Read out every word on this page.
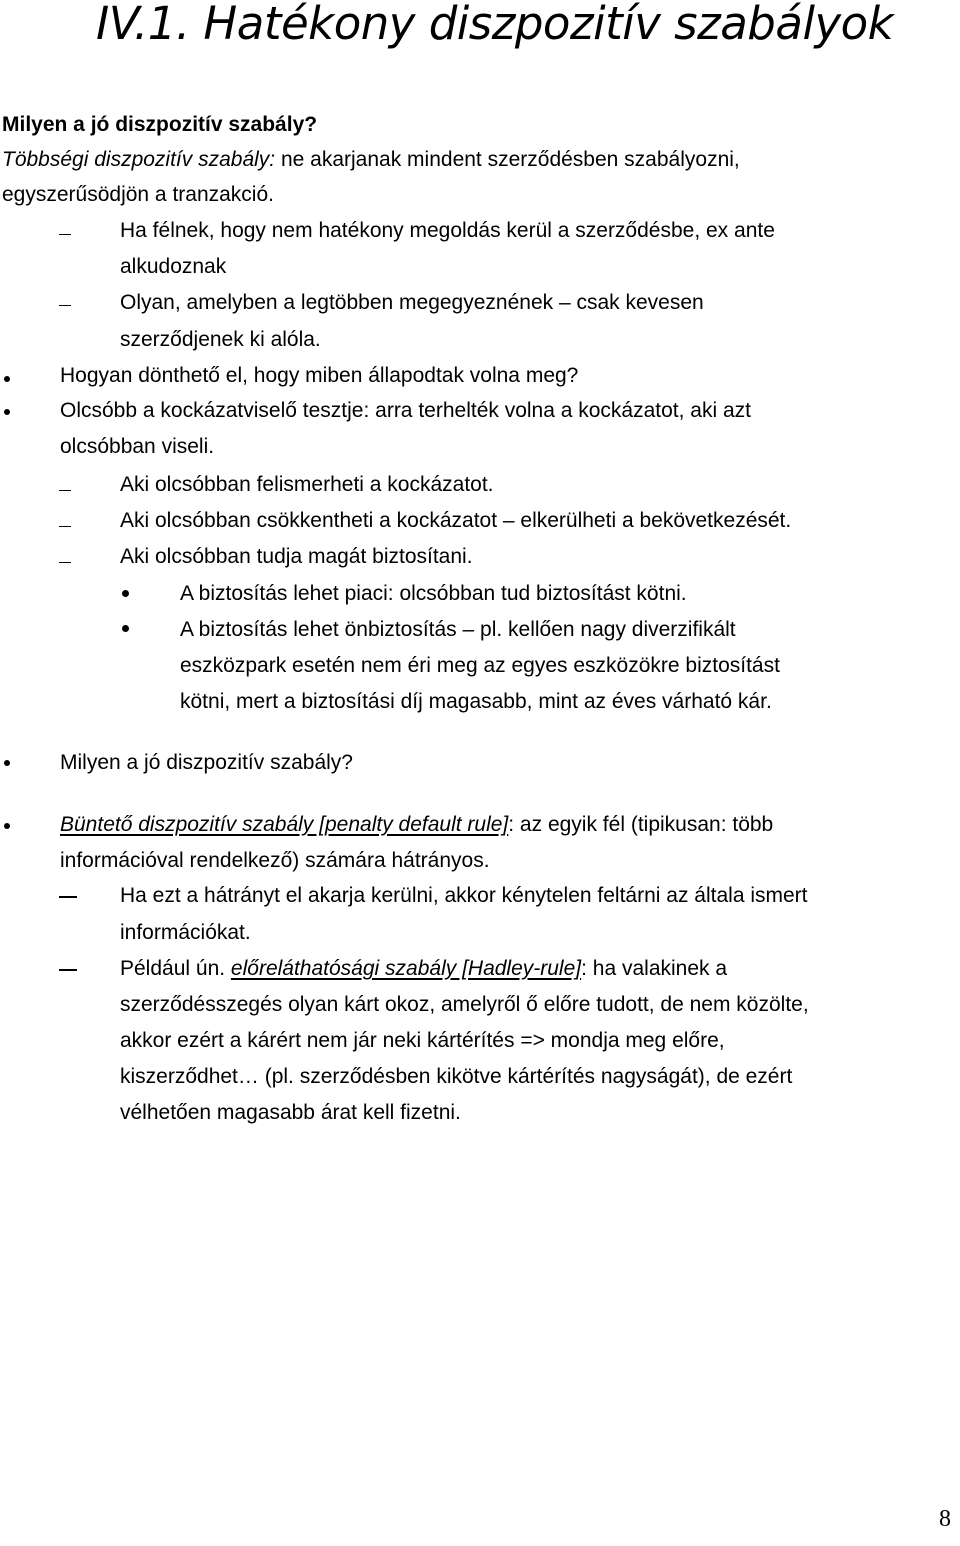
IV.1. Hatékony diszpozitív szabályok

Milyen a jó diszpozitív szabály?

Többségi diszpozitív szabály: ne akarjanak mindent szerződésben szabályozni,

egyszerűsödjön a tranzakció.

Ha félnek, hogy nem hatékony megoldás kerül a szerződésbe, ex ante

alkudoznak

Olyan, amelyben a legtöbben megegyeznének – csak kevesen

szerződjenek ki alóla.

Hogyan dönthető el, hogy miben állapodtak volna meg?

Olcsóbb a kockázatviselő tesztje: arra terhelték volna a kockázatot, aki azt

olcsóbban viseli.

Aki olcsóbban felismerheti a kockázatot.

Aki olcsóbban csökkentheti a kockázatot – elkerülheti a bekövetkezését.

Aki olcsóbban tudja magát biztosítani.

A biztosítás lehet piaci: olcsóbban tud biztosítást kötni.

A biztosítás lehet önbiztosítás – pl. kellően nagy diverzifikált

eszközpark esetén nem éri meg az egyes eszközökre biztosítást

kötni, mert a biztosítási díj magasabb, mint az éves várható kár.

Milyen a jó diszpozitív szabály?

Büntető diszpozitív szabály [penalty default rule]: az egyik fél (tipikusan: több

információval rendelkező) számára hátrányos.

Ha ezt a hátrányt el akarja kerülni, akkor kénytelen feltárni az általa ismert

információkat.

Például ún. előreláthatósági szabály [Hadley-rule]: ha valakinek a

szerződésszegés olyan kárt okoz, amelyről ő előre tudott, de nem közölte,

akkor ezért a kárért nem jár neki kártérítés => mondja meg előre,

kiszerződhet… (pl. szerződésben kikötve kártérítés nagyságát), de ezért

vélhetően magasabb árat kell fizetni.

8
